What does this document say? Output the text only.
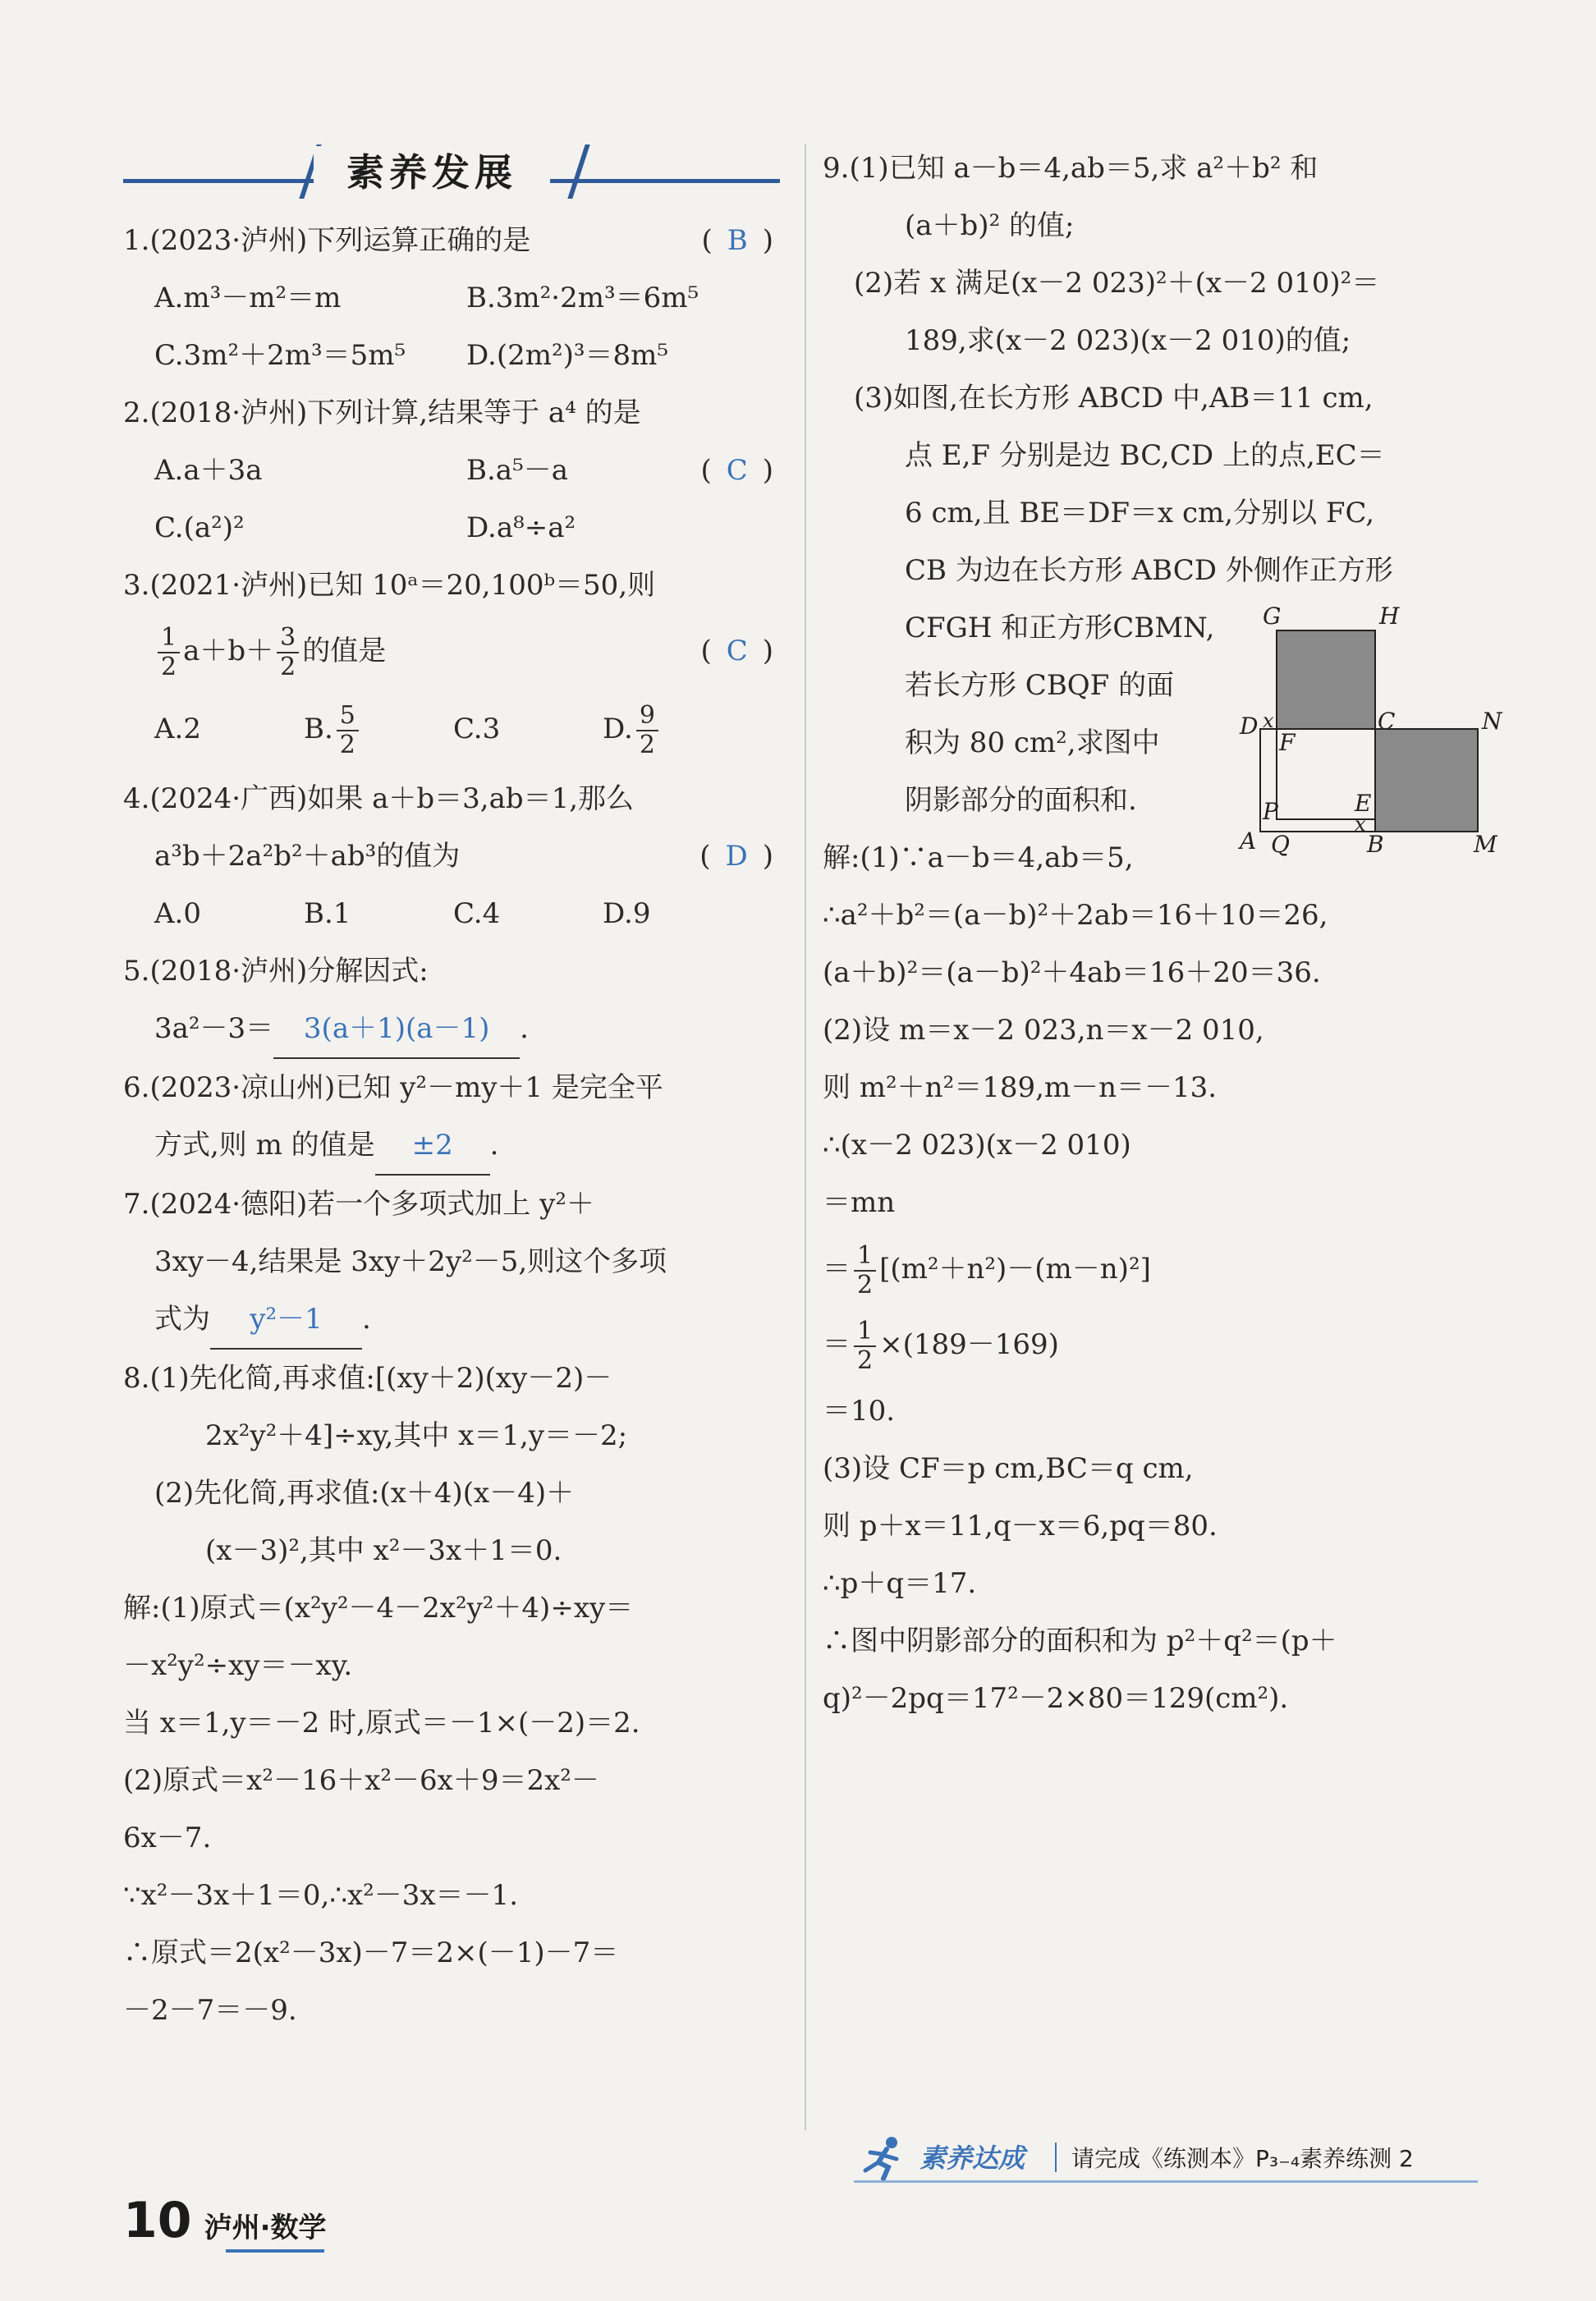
素养发展
1.(2023·泸州)下列运算正确的是	(B)
A.m³－m²＝m	B.3m²·2m³＝6m⁵
C.3m²＋2m³＝5m⁵	D.(2m²)³＝8m⁵
2.(2018·泸州)下列计算,结果等于 a⁴ 的是
(C)
A.a＋3a	B.a⁵－a
C.(a²)²	D.a⁸÷a²
3.(2021·泸州)已知 10ᵃ＝20,100ᵇ＝50,则
$\frac{1}{2} a+b+ \frac{3}{2}$ 的值是	(C)
A.2	B. $\frac{5}{2}$	C.3	D. $\frac{9}{2}$
4.(2024·广西)如果 a＋b＝3,ab＝1,那么
a³b＋2a²b²＋ab³的值为	(D)
A.0	B.1	C.4	D.9
5.(2018·泸州)分解因式:
3a²－3＝ 3(a＋1)(a－1) .
6.(2023·凉山州)已知 y²－my＋1 是完全平
方式,则 m 的值是 ±2 .
7.(2024·德阳)若一个多项式加上 y²＋
3xy－4,结果是 3xy＋2y²－5,则这个多项
式为 y²－1 .
8.(1)先化简,再求值:[(xy＋2)(xy－2)－
2x²y²＋4]÷xy,其中 x＝1,y＝－2;
(2)先化简,再求值:(x＋4)(x－4)＋
(x－3)²,其中 x²－3x＋1＝0.
解:(1)原式＝(x²y²－4－2x²y²＋4)÷xy＝
－x²y²÷xy＝－xy.
当 x＝1,y＝－2 时,原式＝－1×(－2)＝2.
(2)原式＝x²－16＋x²－6x＋9＝2x²－
6x－7.
∵x²－3x＋1＝0,∴x²－3x＝－1.
∴原式＝2(x²－3x)－7＝2×(－1)－7＝
－2－7＝－9.
9.(1)已知 a－b＝4,ab＝5,求 a²＋b² 和
(a＋b)² 的值;
(2)若 x 满足(x－2 023)²＋(x－2 010)²＝
189,求(x－2 023)(x－2 010)的值;
(3)如图,在长方形 ABCD 中,AB＝11 cm,
点 E,F 分别是边 BC,CD 上的点,EC＝
6 cm,且 BE＝DF＝x cm,分别以 FC,
CB 为边在长方形 ABCD 外侧作正方形
CFGH 和正方形CBMN,
若长方形 CBQF 的面
积为 80 cm²,求图中
阴影部分的面积和.
解:(1)∵a－b＝4,ab＝5,
∴a²＋b²＝(a－b)²＋2ab＝16＋10＝26,
(a＋b)²＝(a－b)²＋4ab＝16＋20＝36.
(2)设 m＝x－2 023,n＝x－2 010,
则 m²＋n²＝189,m－n＝－13.
∴(x－2 023)(x－2 010)
＝mn
＝ $\frac{1}{2} [(m^2+n^2)-(m-n)^2]$
＝ $\frac{1}{2} \times(189-169)$
＝10.
(3)设 CF＝p cm,BC＝q cm,
则 p＋x＝11,q－x＝6,pq＝80.
∴p＋q＝17.
∴图中阴影部分的面积和为 p²＋q²＝(p＋
q)²－2pq＝17²－2×80＝129(cm²).
G	H
D x
F
C	N
P	E
x
A Q	B	M
素养达成 请完成《练测本》P₃₋₄素养练测 2
10 泸州·数学
